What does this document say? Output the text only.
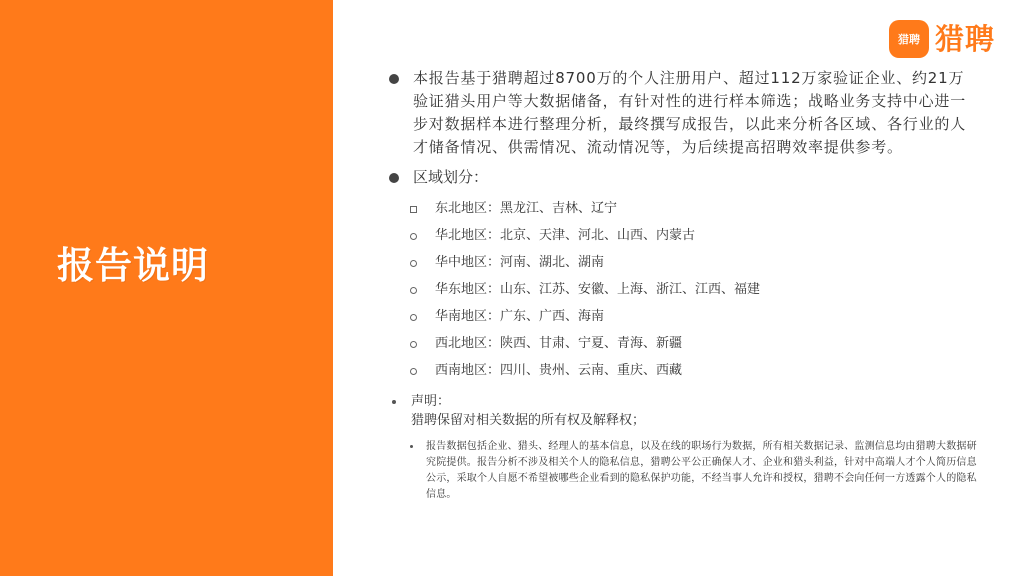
报告说明
猎聘 猎聘
本报告基于猎聘超过8700万的个人注册用户、超过112万家验证企业、约21万验证猎头用户等大数据储备，有针对性的进行样本筛选；战略业务支持中心进一步对数据样本进行整理分析，最终撰写成报告，以此来分析各区域、各行业的人才储备情况、供需情况、流动情况等，为后续提高招聘效率提供参考。
区域划分：
东北地区：黑龙江、吉林、辽宁
华北地区：北京、天津、河北、山西、内蒙古
华中地区：河南、湖北、湖南
华东地区：山东、江苏、安徽、上海、浙江、江西、福建
华南地区：广东、广西、海南
西北地区：陕西、甘肃、宁夏、青海、新疆
西南地区：四川、贵州、云南、重庆、西藏
声明：
猎聘保留对相关数据的所有权及解释权；
报告数据包括企业、猎头、经理人的基本信息，以及在线的职场行为数据，所有相关数据记录、监测信息均由猎聘大数据研究院提供。报告分析不涉及相关个人的隐私信息，猎聘公平公正确保人才、企业和猎头利益，针对中高端人才个人简历信息公示，采取个人自愿不希望被哪些企业看到的隐私保护功能，不经当事人允许和授权，猎聘不会向任何一方透露个人的隐私信息。
